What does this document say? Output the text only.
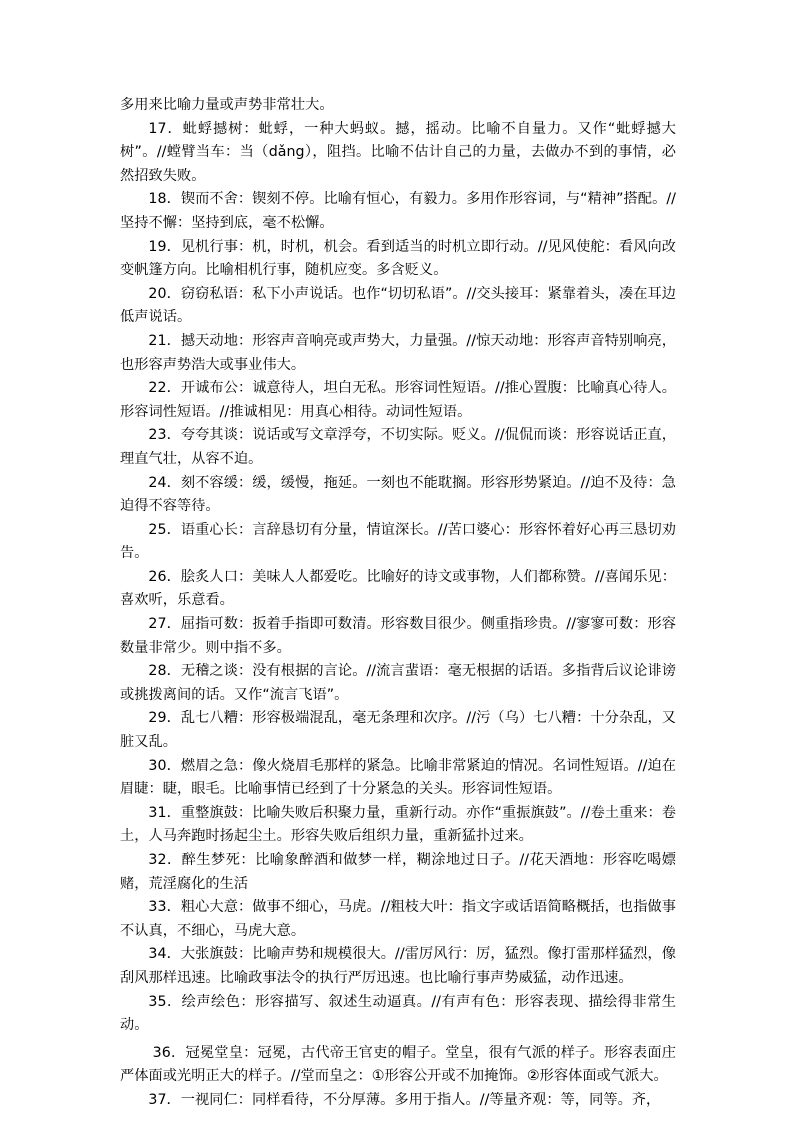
多用来比喻力量或声势非常壮大。

17．蚍蜉撼树：蚍蜉，一种大蚂蚁。撼，摇动。比喻不自量力。又作“蚍蜉撼大树”。//螳臂当车：当（dǎng），阻挡。比喻不估计自己的力量，去做办不到的事情，必然招致失败。

18．锲而不舍：锲刻不停。比喻有恒心，有毅力。多用作形容词，与“精神”搭配。//坚持不懈：坚持到底，毫不松懈。

19．见机行事：机，时机，机会。看到适当的时机立即行动。//见风使舵：看风向改变帆篷方向。比喻相机行事，随机应变。多含贬义。

20．窃窃私语：私下小声说话。也作“切切私语”。//交头接耳：紧靠着头，凑在耳边低声说话。

21．撼天动地：形容声音响亮或声势大，力量强。//惊天动地：形容声音特别响亮，也形容声势浩大或事业伟大。

22．开诚布公：诚意待人，坦白无私。形容词性短语。//推心置腹：比喻真心待人。形容词性短语。//推诚相见：用真心相待。动词性短语。

23．夸夸其谈：说话或写文章浮夸，不切实际。贬义。//侃侃而谈：形容说话正直，理直气壮，从容不迫。

24．刻不容缓：缓，缓慢，拖延。一刻也不能耽搁。形容形势紧迫。//迫不及待：急迫得不容等待。

25．语重心长：言辞恳切有分量，情谊深长。//苦口婆心：形容怀着好心再三恳切劝告。

26．脍炙人口：美味人人都爱吃。比喻好的诗文或事物，人们都称赞。//喜闻乐见：喜欢听，乐意看。

27．屈指可数：扳着手指即可数清。形容数目很少。侧重指珍贵。//寥寥可数：形容数量非常少。则中指不多。

28．无稽之谈：没有根据的言论。//流言蜚语：毫无根据的话语。多指背后议论诽谤或挑拨离间的话。又作“流言飞语”。

29．乱七八糟：形容极端混乱，毫无条理和次序。//污（乌）七八糟：十分杂乱，又脏又乱。

30．燃眉之急：像火烧眉毛那样的紧急。比喻非常紧迫的情况。名词性短语。//迫在眉睫：睫，眼毛。比喻事情已经到了十分紧急的关头。形容词性短语。

31．重整旗鼓：比喻失败后积聚力量，重新行动。亦作“重振旗鼓”。//卷土重来：卷土，人马奔跑时扬起尘土。形容失败后组织力量，重新猛扑过来。

32．醉生梦死：比喻象醉酒和做梦一样，糊涂地过日子。//花天酒地：形容吃喝嫖赌，荒淫腐化的生活

33．粗心大意：做事不细心，马虎。//粗枝大叶：指文字或话语简略概括，也指做事不认真，不细心，马虎大意。

34．大张旗鼓：比喻声势和规模很大。//雷厉风行：厉，猛烈。像打雷那样猛烈，像刮风那样迅速。比喻政事法令的执行严厉迅速。也比喻行事声势威猛，动作迅速。

35．绘声绘色：形容描写、叙述生动逼真。//有声有色：形容表现、描绘得非常生动。

36．冠冕堂皇：冠冕，古代帝王官吏的帽子。堂皇，很有气派的样子。形容表面庄严体面或光明正大的样子。//堂而皇之：①形容公开或不加掩饰。②形容体面或气派大。

37．一视同仁：同样看待，不分厚薄。多用于指人。//等量齐观：等，同等。齐，
